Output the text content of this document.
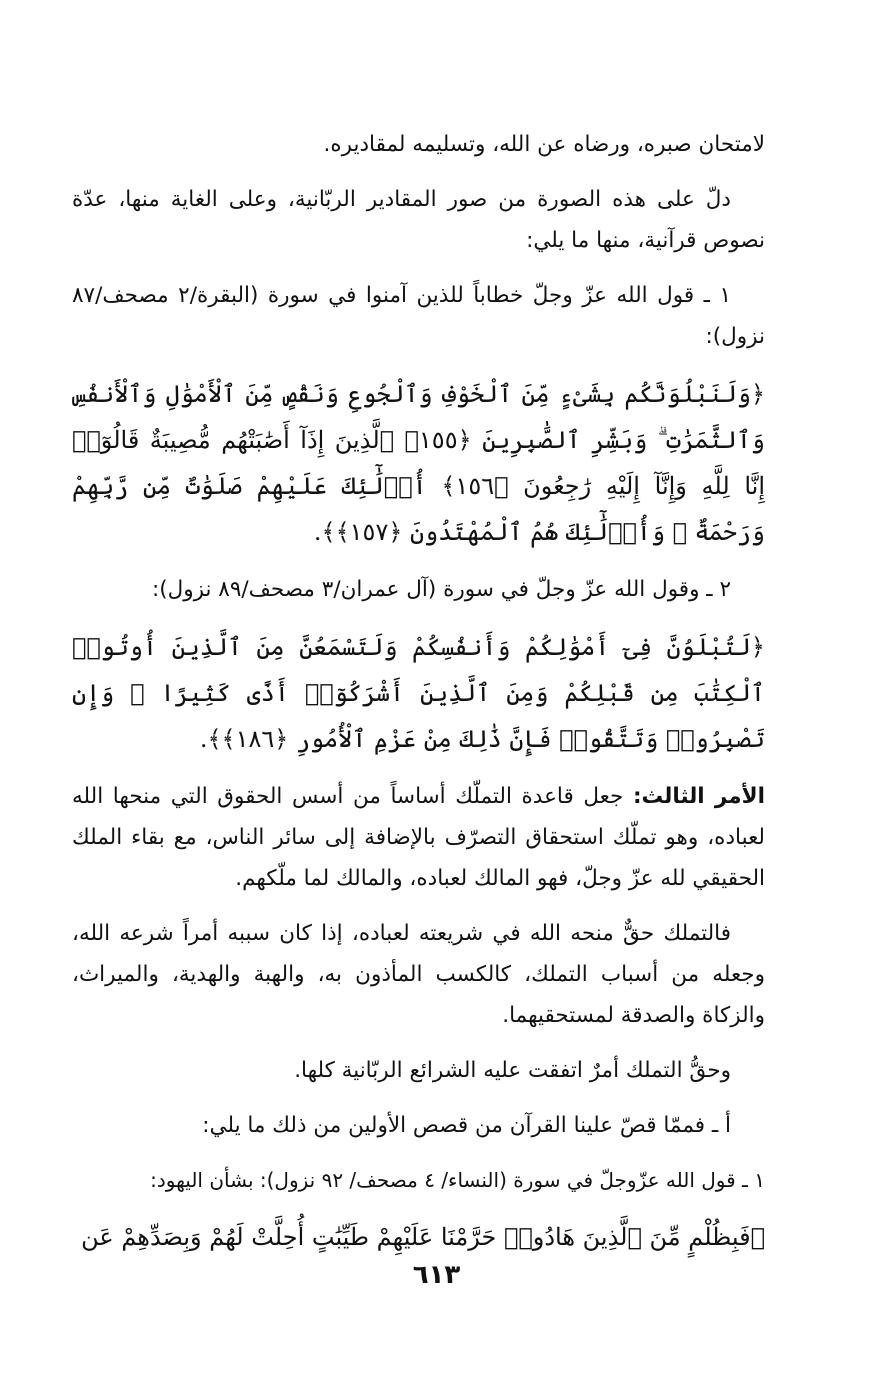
لامتحان صبره، ورضاه عن الله، وتسليمه لمقاديره.

دلّ على هذه الصورة من صور المقادير الربّانية، وعلى الغاية منها، عدّة نصوص قرآنية، منها ما يلي:

١ ـ قول الله عزّ وجلّ خطاباً للذين آمنوا في سورة (البقرة/٢ مصحف/٨٧ نزول):

﴿وَلَنَبْلُوَنَّكُم بِشَىْءٍ مِّنَ ٱلْخَوْفِ وَٱلْجُوعِ وَنَقْصٍ مِّنَ ٱلْأَمْوَٰلِ وَٱلْأَنفُسِ وَٱلثَّمَرَٰتِ ۗ وَبَشِّرِ ٱلصَّٰبِرِينَ ﴿١٥٥﴾ ٱلَّذِينَ إِذَآ أَصَٰبَتْهُم مُّصِيبَةٌ قَالُوٓا۟ إِنَّا لِلَّهِ وَإِنَّآ إِلَيْهِ رَٰجِعُونَ ﴿١٥٦﴾ أُو۟لَٰٓئِكَ عَلَيْهِمْ صَلَوَٰتٌ مِّن رَّبِّهِمْ وَرَحْمَةٌ ۖ وَأُو۟لَٰٓئِكَ هُمُ ٱلْمُهْتَدُونَ ﴿١٥٧﴾﴾.

٢ ـ وقول الله عزّ وجلّ في سورة (آل عمران/٣ مصحف/٨٩ نزول):

﴿لَتُبْلَوُنَّ فِىٓ أَمْوَٰلِكُمْ وَأَنفُسِكُمْ وَلَتَسْمَعُنَّ مِنَ ٱلَّذِينَ أُوتُوا۟ ٱلْكِتَٰبَ مِن قَبْلِكُمْ وَمِنَ ٱلَّذِينَ أَشْرَكُوٓا۟ أَذًى كَثِيرًا ۚ وَإِن تَصْبِرُوا۟ وَتَتَّقُوا۟ فَإِنَّ ذَٰلِكَ مِنْ عَزْمِ ٱلْأُمُورِ ﴿١٨٦﴾﴾.

الأمر الثالث: جعل قاعدة التملّك أساساً من أسس الحقوق التي منحها الله لعباده، وهو تملّك استحقاق التصرّف بالإضافة إلى سائر الناس، مع بقاء الملك الحقيقي لله عزّ وجلّ، فهو المالك لعباده، والمالك لما ملّكهم.

فالتملك حقٌّ منحه الله في شريعته لعباده، إذا كان سببه أمراً شرعه الله، وجعله من أسباب التملك، كالكسب المأذون به، والهبة والهدية، والميراث، والزكاة والصدقة لمستحقيهما.

وحقُّ التملك أمرٌ اتفقت عليه الشرائع الربّانية كلها.

أ ـ فممّا قصّ علينا القرآن من قصص الأولين من ذلك ما يلي:

١ ـ قول الله عزّوجلّ في سورة (النساء/ ٤ مصحف/ ٩٢ نزول): بشأن اليهود:

﴿فَبِظُلْمٍ مِّنَ ٱلَّذِينَ هَادُوا۟ حَرَّمْنَا عَلَيْهِمْ طَيِّبَٰتٍ أُحِلَّتْ لَهُمْ وَبِصَدِّهِمْ عَن

٦١٣
